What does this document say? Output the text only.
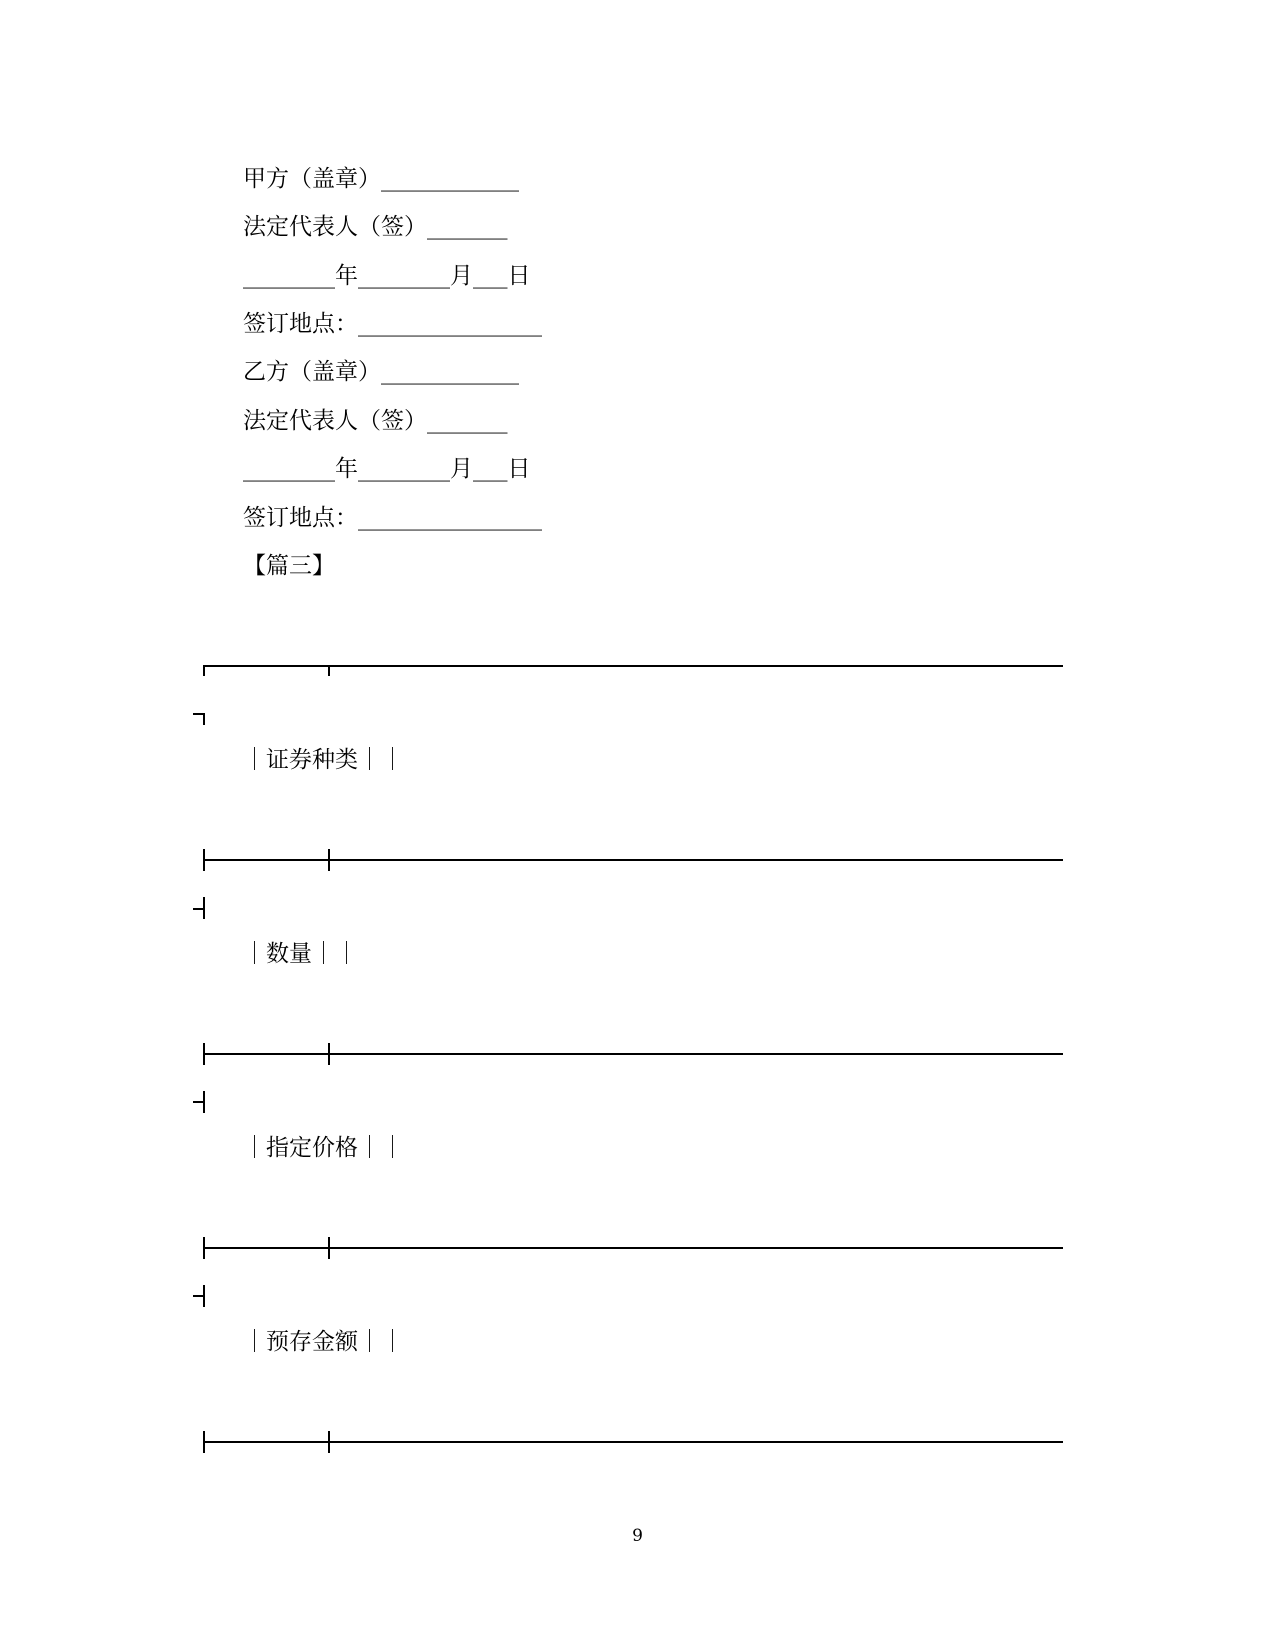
甲方（盖章）____________
法定代表人（签）_______
________年________月___日
签订地点：________________
乙方（盖章）____________
法定代表人（签）_______
________年________月___日
签订地点：________________
【篇三】
｜证券种类｜｜
｜数量｜｜
｜指定价格｜｜
｜预存金额｜｜
9
